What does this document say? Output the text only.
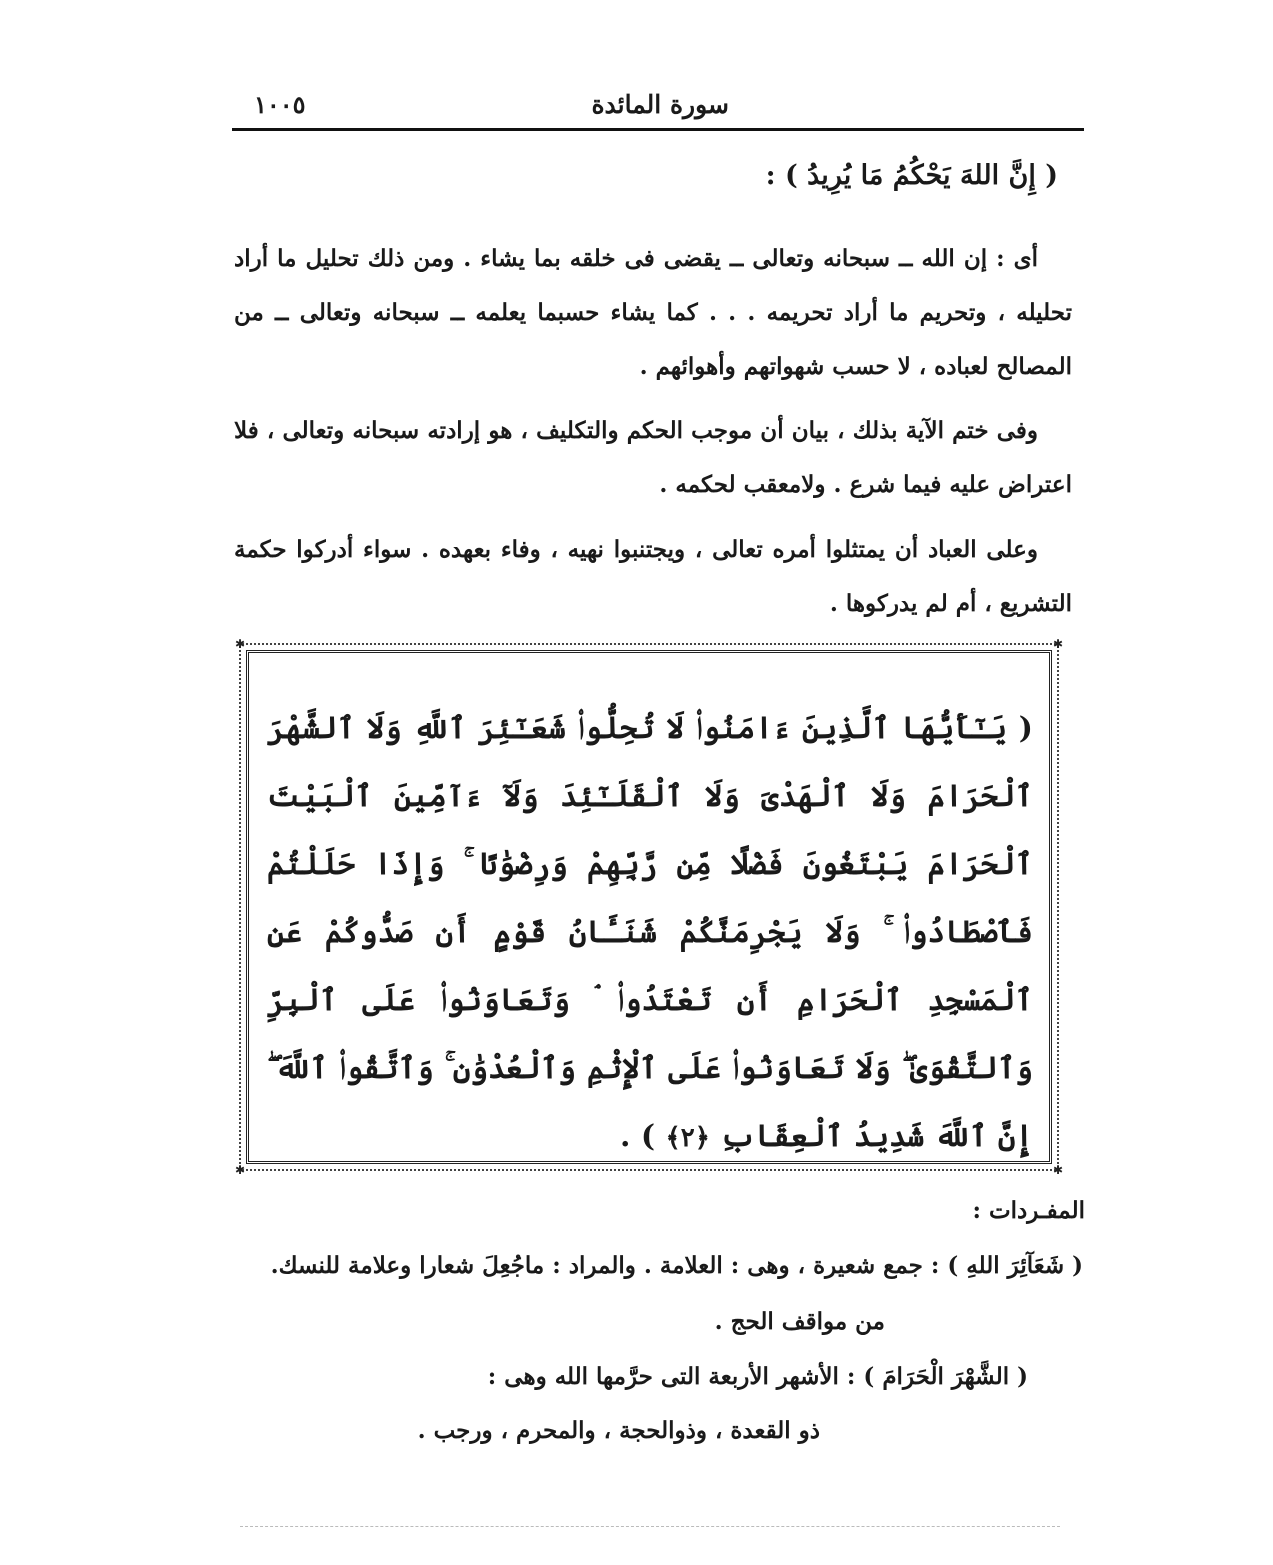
سورة المائدة
١٠٠٥
( إِنَّ اللهَ يَحْكُمُ مَا يُرِيدُ ) :
أى : إن الله ــ سبحانه وتعالى ــ يقضى فى خلقه بما يشاء . ومن ذلك تحليل ما أراد تحليله ، وتحريم ما أراد تحريمه . . . كما يشاء حسبما يعلمه ــ سبحانه وتعالى ــ من المصالح لعباده ، لا حسب شهواتهم وأهوائهم .
وفى ختم الآية بذلك ، بيان أن موجب الحكم والتكليف ، هو إرادته سبحانه وتعالى ، فلا اعتراض عليه فيما شرع . ولامعقب لحكمه .
وعلى العباد أن يمتثلوا أمره تعالى ، ويجتنبوا نهيه ، وفاء بعهده . سواء أدركوا حكمة التشريع ، أم لم يدركوها .
✱	✱
✱	✱
( يَـٰٓأَيُّهَا ٱلَّذِينَ ءَامَنُوا۟ لَا تُحِلُّوا۟ شَعَـٰٓئِرَ ٱللَّهِ وَلَا ٱلشَّهْرَ ٱلْحَرَامَ وَلَا ٱلْهَدْىَ وَلَا ٱلْقَلَـٰٓئِدَ وَلَآ ءَآمِّينَ ٱلْبَيْتَ ٱلْحَرَامَ يَبْتَغُونَ فَضْلًا مِّن رَّبِّهِمْ وَرِضْوَٰنًا ۚ وَإِذَا حَلَلْتُمْ فَٱصْطَادُوا۟ ۚ وَلَا يَجْرِمَنَّكُمْ شَنَـَٔانُ قَوْمٍ أَن صَدُّوكُمْ عَنِ ٱلْمَسْجِدِ ٱلْحَرَامِ أَن تَعْتَدُوا۟ ۘ وَتَعَاوَنُوا۟ عَلَى ٱلْبِرِّ وَٱلتَّقْوَىٰ ۖ وَلَا تَعَاوَنُوا۟ عَلَى ٱلْإِثْمِ وَٱلْعُدْوَٰنِ ۚ وَٱتَّقُوا۟ ٱللَّهَ ۖ إِنَّ ٱللَّهَ شَدِيدُ ٱلْعِقَابِ ﴿٢﴾ ) .
المفـردات :
( شَعَآئِرَ اللهِ ) : جمع شعيرة ، وهى : العلامة . والمراد : ماجُعِلَ شعارا وعلامة للنسك.
من مواقف الحج .
( الشَّهْرَ الْحَرَامَ ) : الأشهر الأربعة التى حرَّمها الله وهى :
ذو القعدة ، وذوالحجة ، والمحرم ، ورجب .
